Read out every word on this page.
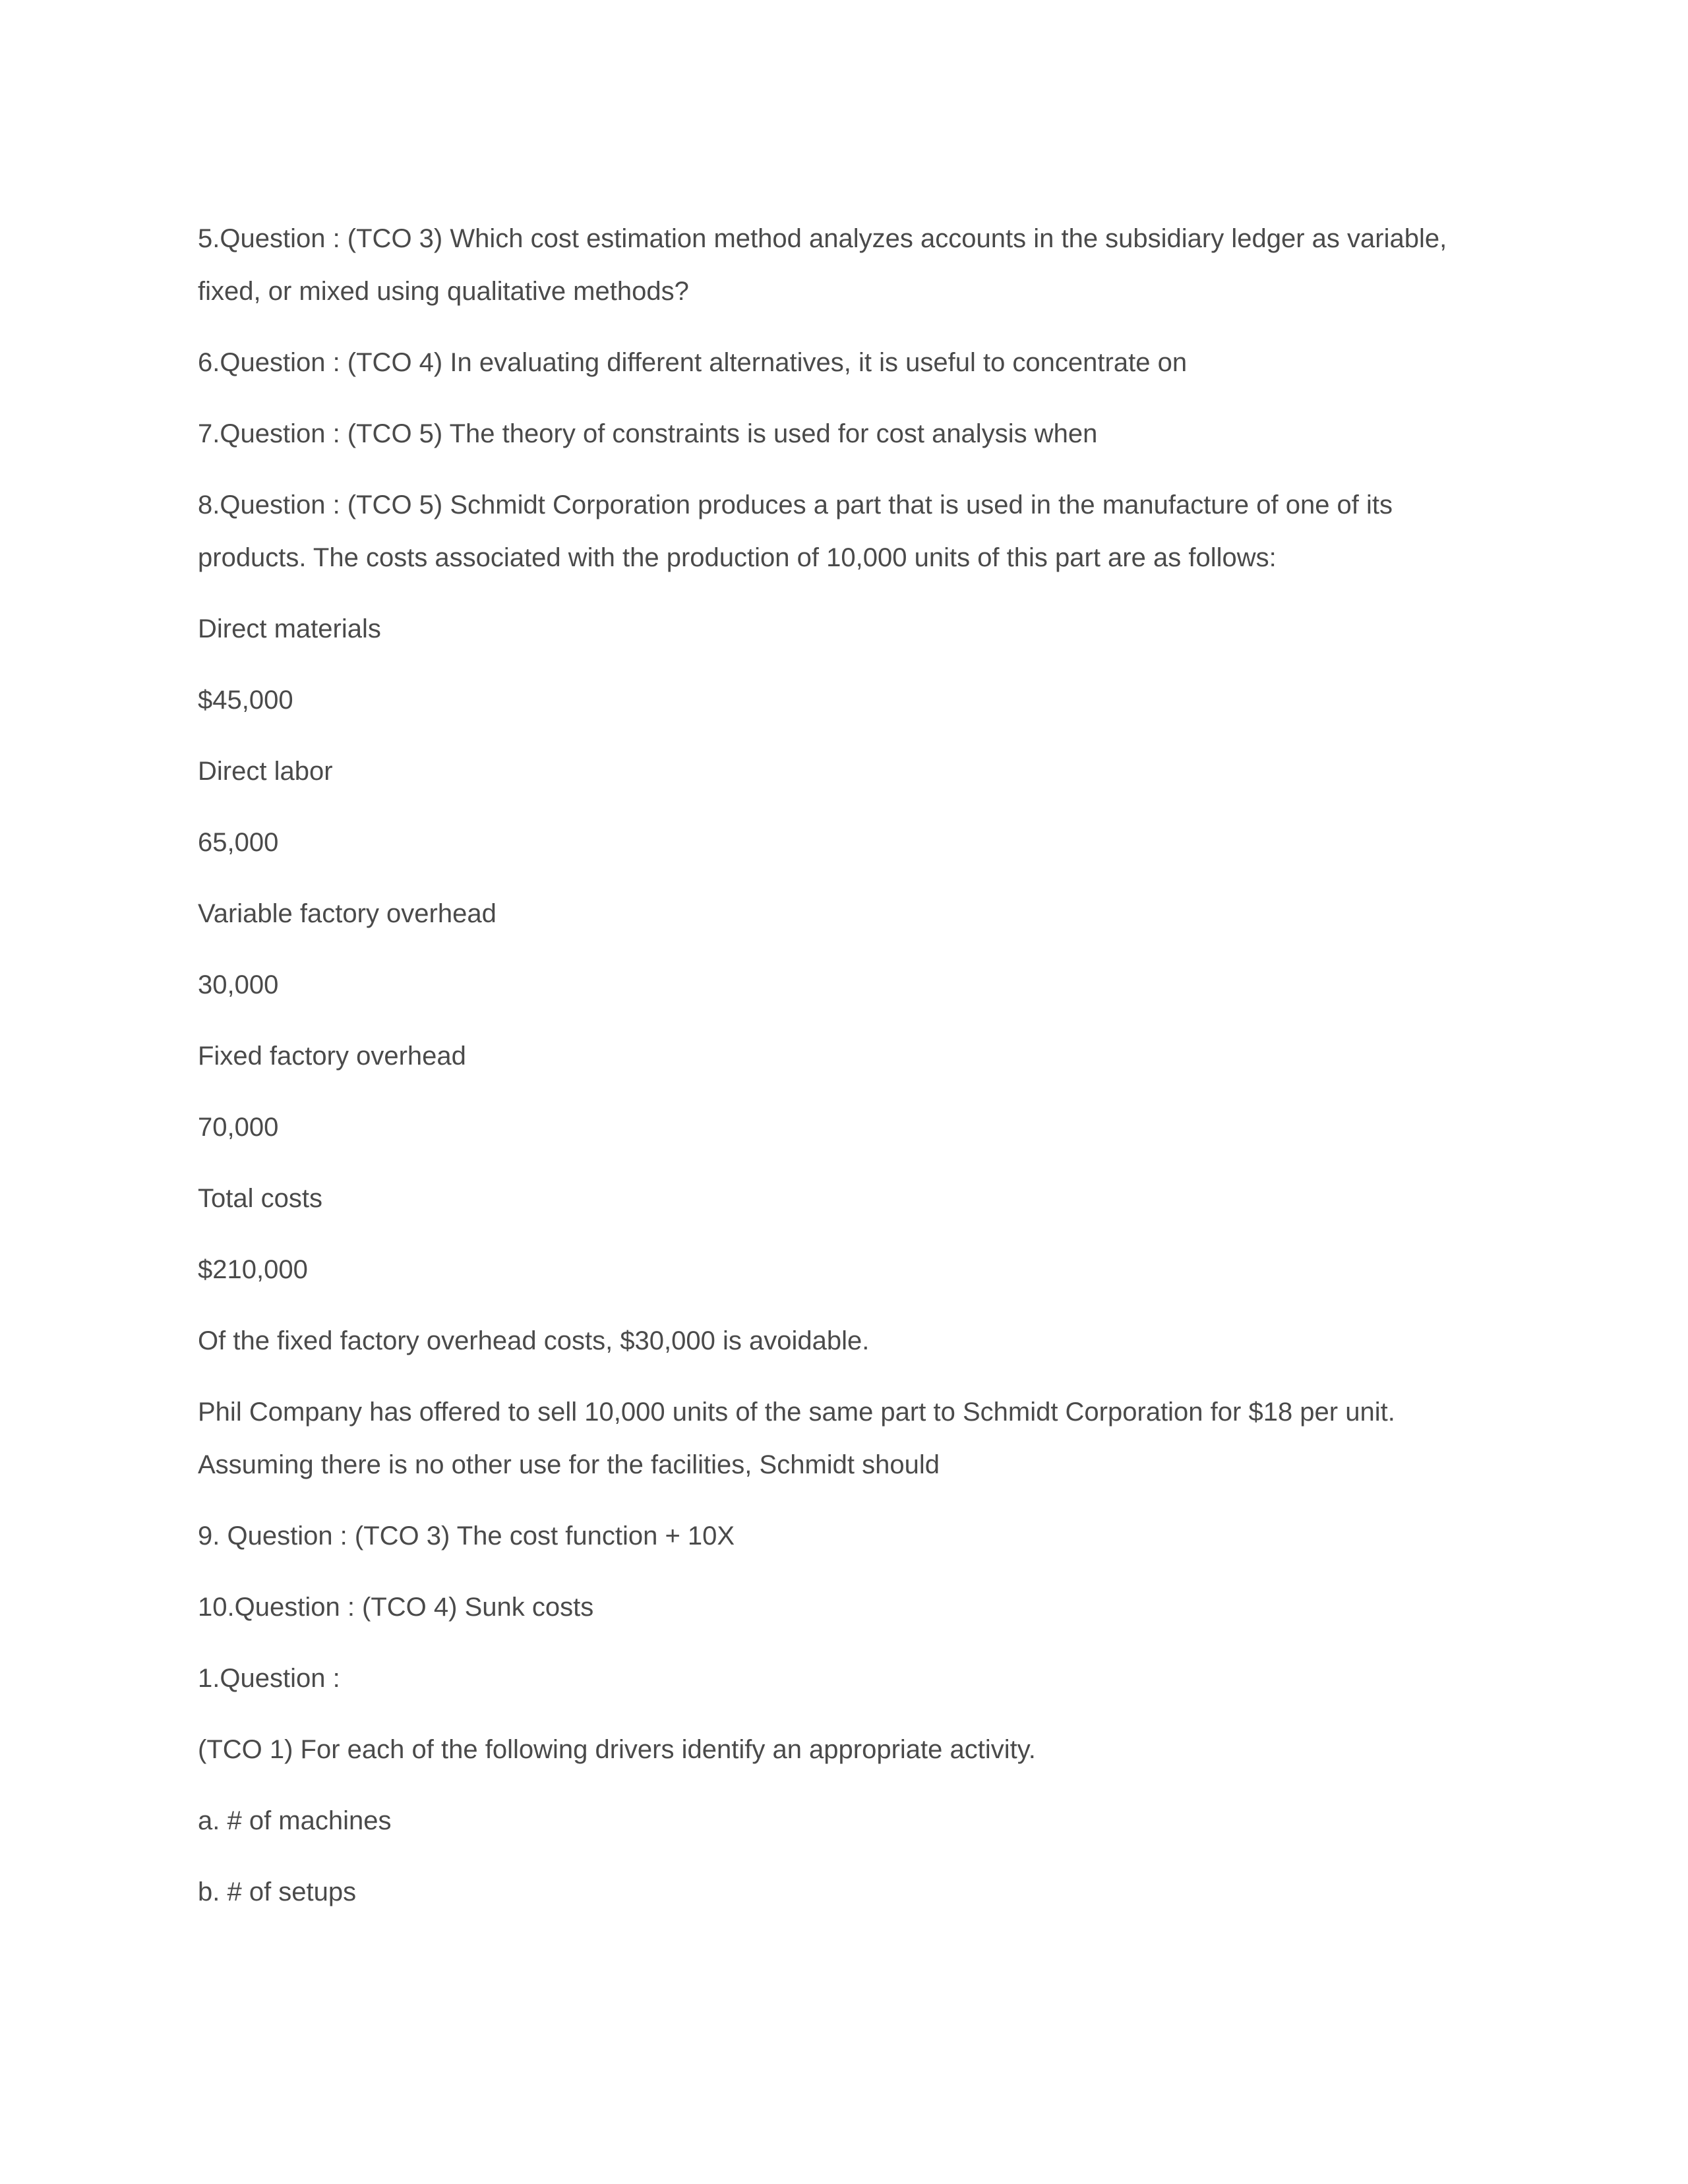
5.Question : (TCO 3) Which cost estimation method analyzes accounts in the subsidiary ledger as variable, fixed, or mixed using qualitative methods?

6.Question : (TCO 4) In evaluating different alternatives, it is useful to concentrate on

7.Question : (TCO 5) The theory of constraints is used for cost analysis when

8.Question : (TCO 5) Schmidt Corporation produces a part that is used in the manufacture of one of its products. The costs associated with the production of 10,000 units of this part are as follows:

Direct materials

$45,000

Direct labor

65,000

Variable factory overhead

30,000

Fixed factory overhead

70,000

Total costs

$210,000

Of the fixed factory overhead costs, $30,000 is avoidable.

Phil Company has offered to sell 10,000 units of the same part to Schmidt Corporation for $18 per unit. Assuming there is no other use for the facilities, Schmidt should

9. Question : (TCO 3) The cost function + 10X

10.Question : (TCO 4) Sunk costs

1.Question :

(TCO 1) For each of the following drivers identify an appropriate activity.

a. # of machines

b. # of setups
